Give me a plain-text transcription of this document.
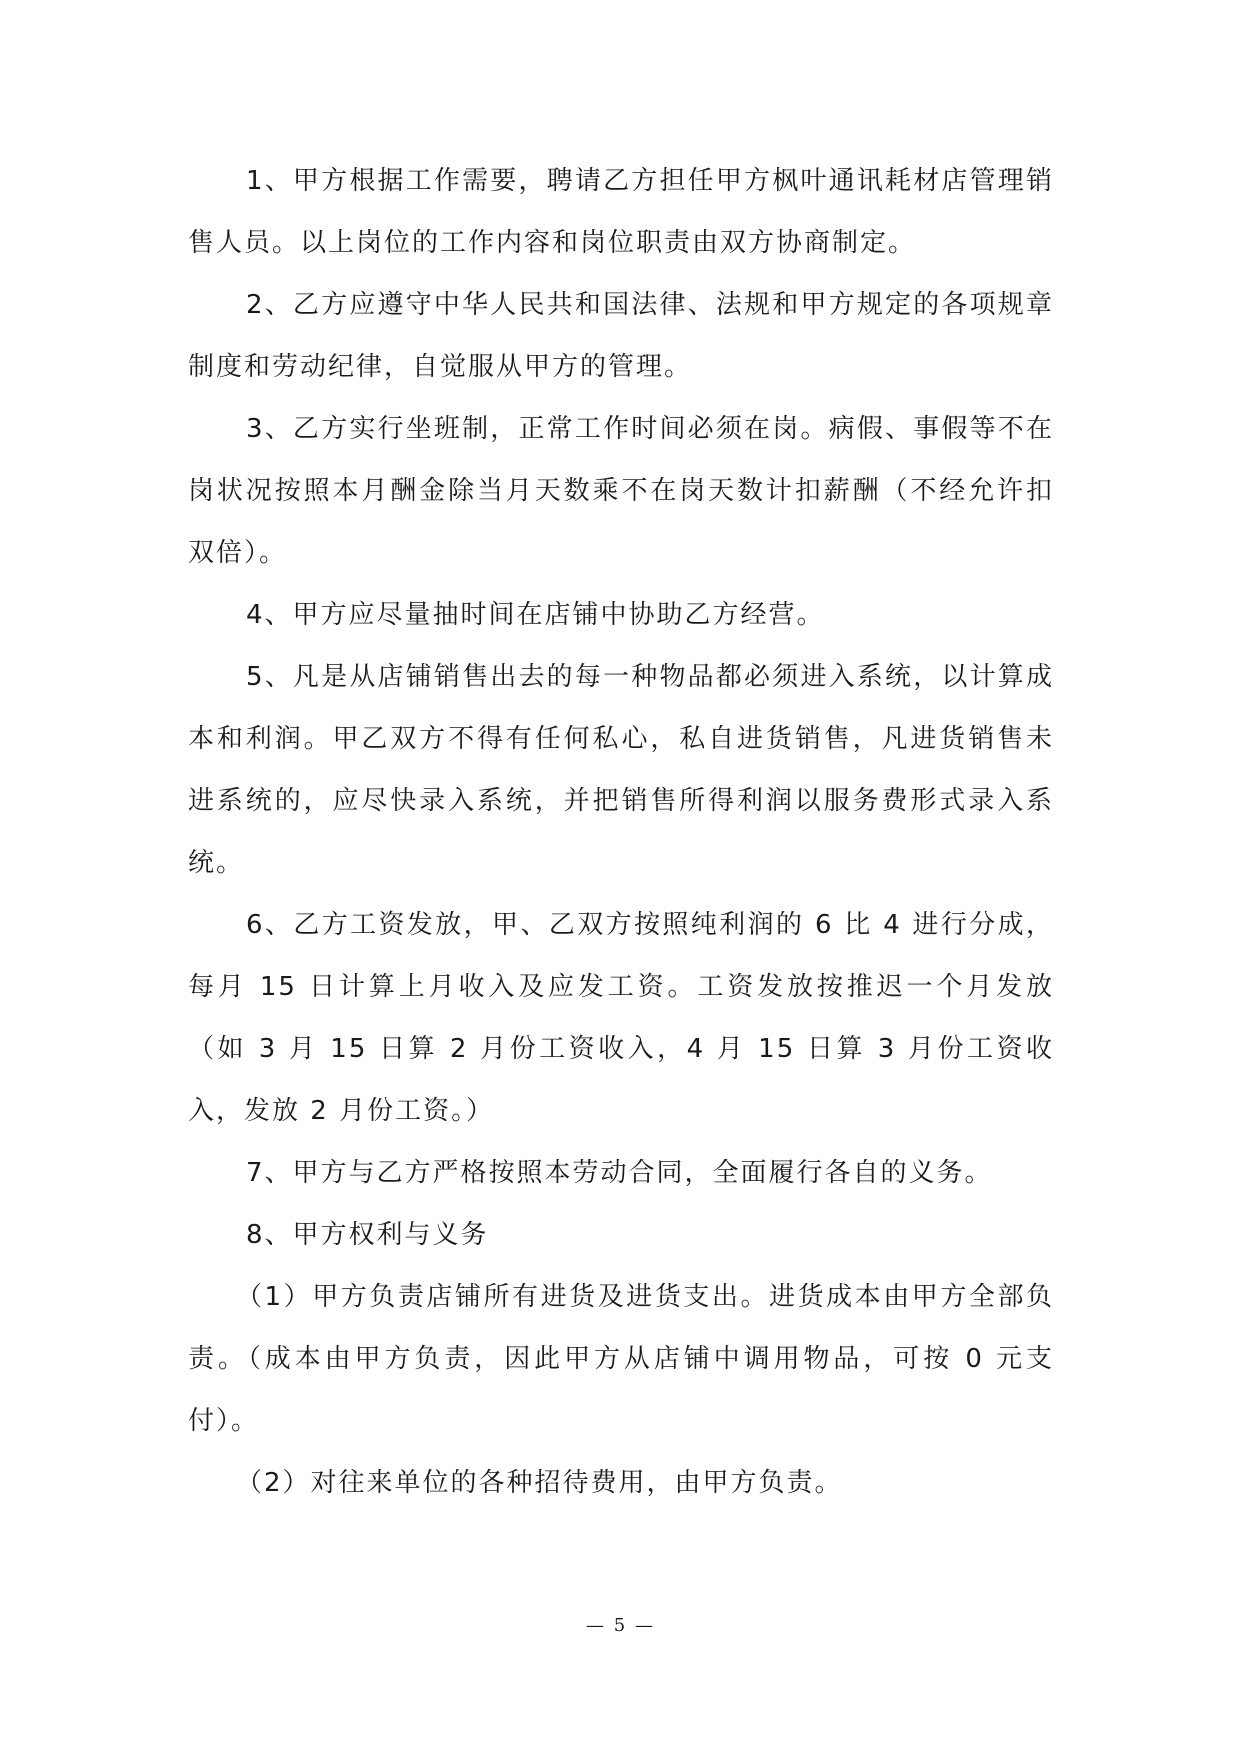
1、甲方根据工作需要，聘请乙方担任甲方枫叶通讯耗材店管理销售人员。以上岗位的工作内容和岗位职责由双方协商制定。

2、乙方应遵守中华人民共和国法律、法规和甲方规定的各项规章制度和劳动纪律，自觉服从甲方的管理。

3、乙方实行坐班制，正常工作时间必须在岗。病假、事假等不在岗状况按照本月酬金除当月天数乘不在岗天数计扣薪酬（不经允许扣双倍）。

4、甲方应尽量抽时间在店铺中协助乙方经营。

5、凡是从店铺销售出去的每一种物品都必须进入系统，以计算成本和利润。甲乙双方不得有任何私心，私自进货销售，凡进货销售未进系统的，应尽快录入系统，并把销售所得利润以服务费形式录入系统。

6、乙方工资发放，甲、乙双方按照纯利润的 6 比 4 进行分成，每月 15 日计算上月收入及应发工资。工资发放按推迟一个月发放（如 3 月 15 日算 2 月份工资收入，4 月 15 日算 3 月份工资收入，发放 2 月份工资。）

7、甲方与乙方严格按照本劳动合同，全面履行各自的义务。

8、甲方权利与义务

（1）甲方负责店铺所有进货及进货支出。进货成本由甲方全部负责。（成本由甲方负责，因此甲方从店铺中调用物品，可按 0 元支付）。

（2）对往来单位的各种招待费用，由甲方负责。

— 5 —
